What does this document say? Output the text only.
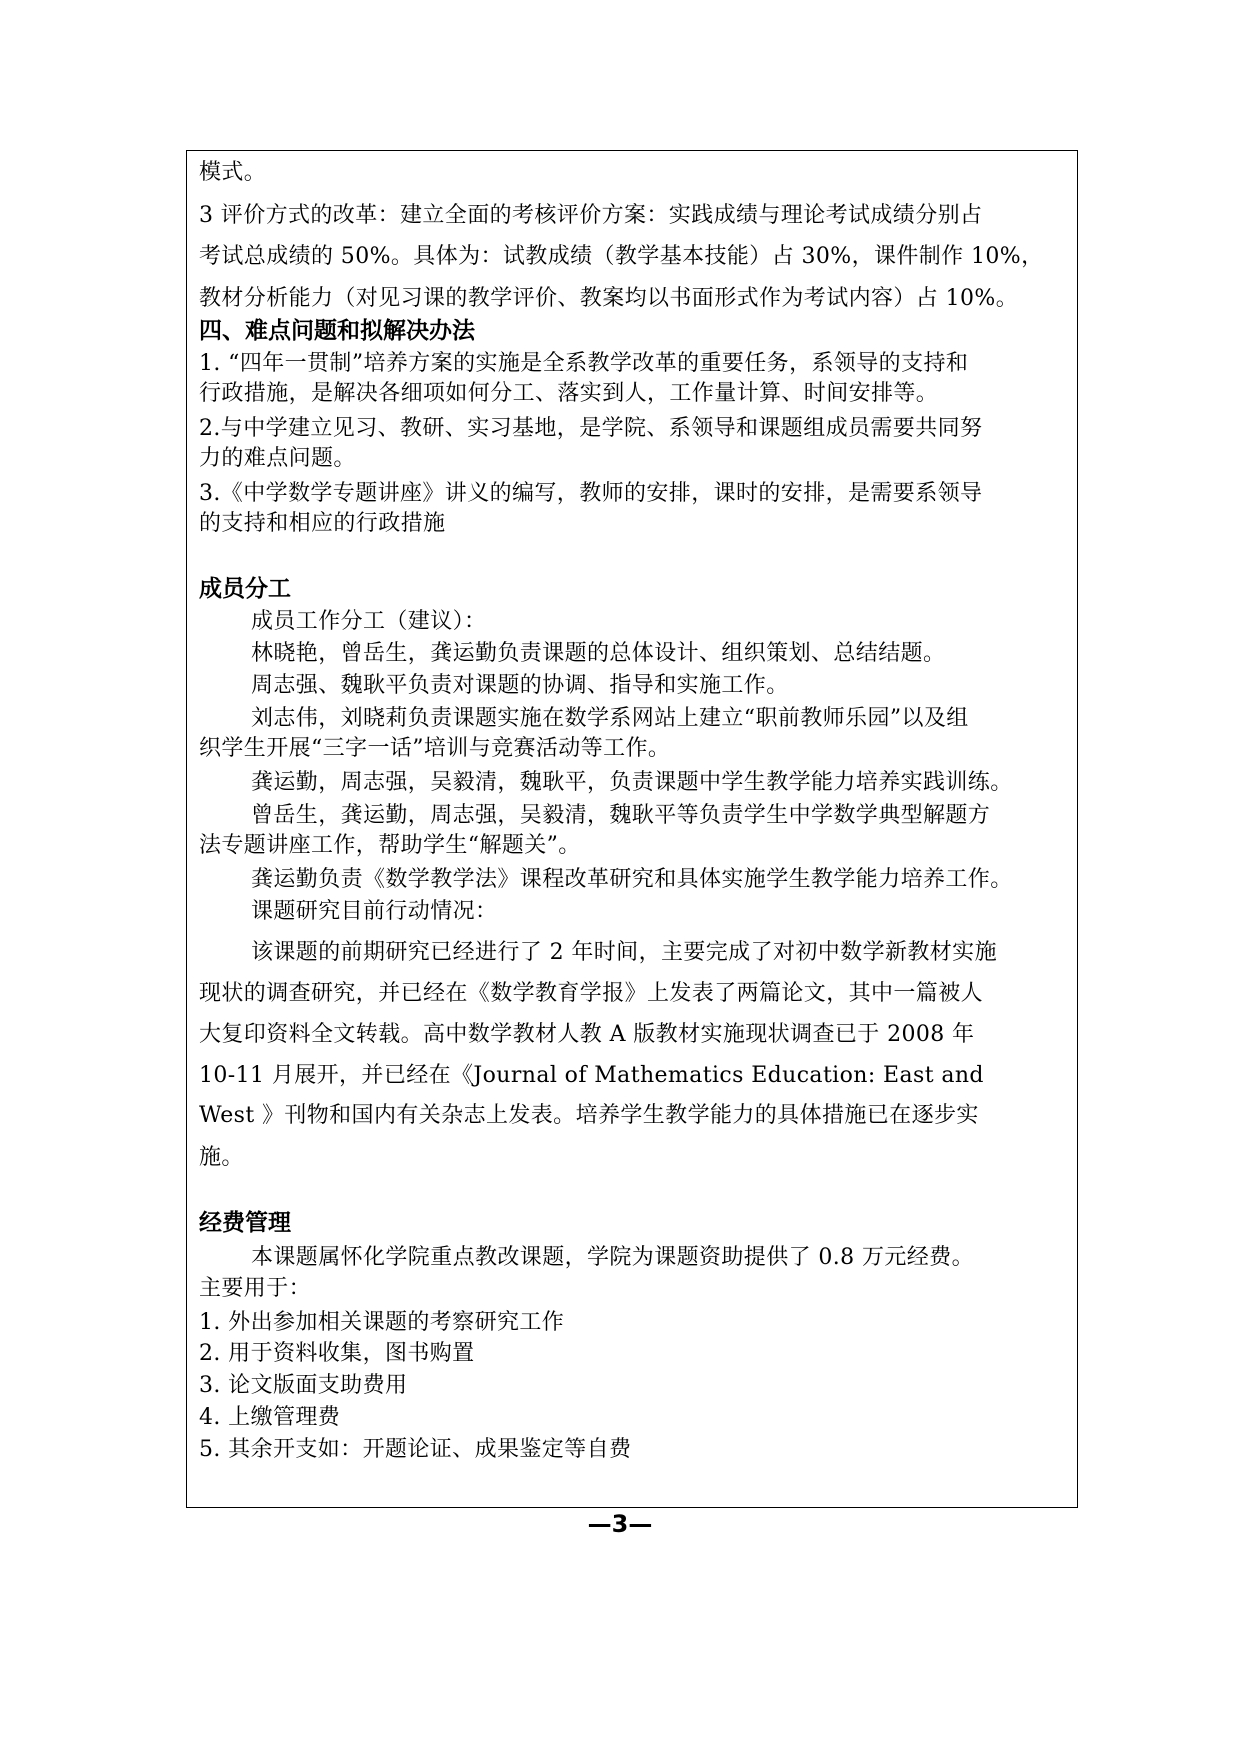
模式。
3 评价方式的改革：建立全面的考核评价方案：实践成绩与理论考试成绩分别占
考试总成绩的 50%。具体为：试教成绩（教学基本技能）占 30%，课件制作 10%，
教材分析能力（对见习课的教学评价、教案均以书面形式作为考试内容）占 10%。
四、难点问题和拟解决办法
1. “四年一贯制”培养方案的实施是全系教学改革的重要任务，系领导的支持和
行政措施，是解决各细项如何分工、落实到人，工作量计算、时间安排等。
2.与中学建立见习、教研、实习基地，是学院、系领导和课题组成员需要共同努
力的难点问题。
3.《中学数学专题讲座》讲义的编写，教师的安排，课时的安排，是需要系领导
的支持和相应的行政措施
成员分工
成员工作分工（建议）：
林晓艳，曾岳生，龚运勤负责课题的总体设计、组织策划、总结结题。
周志强、魏耿平负责对课题的协调、指导和实施工作。
刘志伟，刘晓莉负责课题实施在数学系网站上建立“职前教师乐园”以及组
织学生开展“三字一话”培训与竞赛活动等工作。
龚运勤，周志强，吴毅清，魏耿平，负责课题中学生教学能力培养实践训练。
曾岳生，龚运勤，周志强，吴毅清，魏耿平等负责学生中学数学典型解题方
法专题讲座工作，帮助学生“解题关”。
龚运勤负责《数学教学法》课程改革研究和具体实施学生教学能力培养工作。
课题研究目前行动情况：
该课题的前期研究已经进行了 2 年时间，主要完成了对初中数学新教材实施
现状的调查研究，并已经在《数学教育学报》上发表了两篇论文，其中一篇被人
大复印资料全文转载。高中数学教材人教 A 版教材实施现状调查已于 2008 年
10-11 月展开，并已经在《Journal of Mathematics Education: East and
West 》刊物和国内有关杂志上发表。培养学生教学能力的具体措施已在逐步实
施。
经费管理
本课题属怀化学院重点教改课题，学院为课题资助提供了 0.8 万元经费。
主要用于：
1. 外出参加相关课题的考察研究工作
2. 用于资料收集，图书购置
3. 论文版面支助费用
4. 上缴管理费
5. 其余开支如：开题论证、成果鉴定等自费
—3—
